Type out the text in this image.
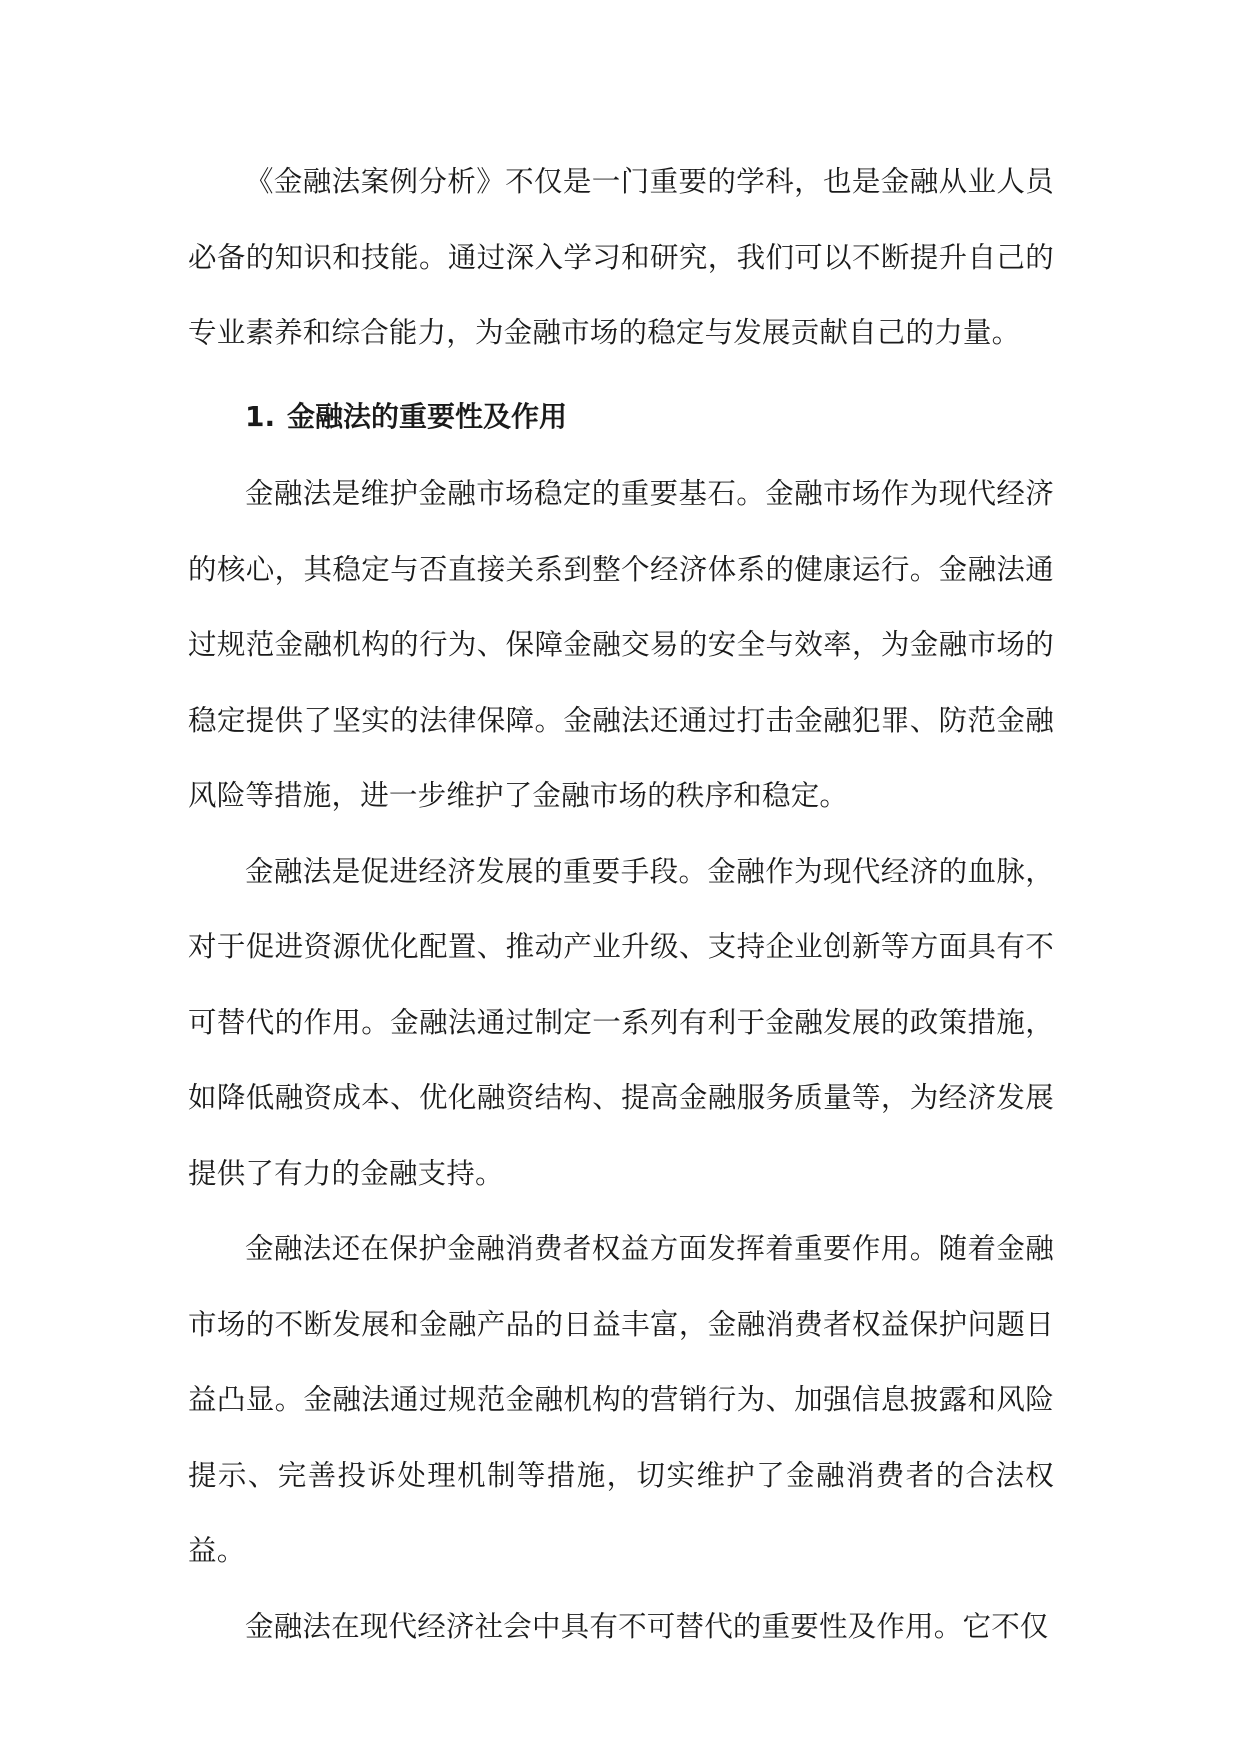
《金融法案例分析》不仅是一门重要的学科，也是金融从业人员必备的知识和技能。通过深入学习和研究，我们可以不断提升自己的专业素养和综合能力，为金融市场的稳定与发展贡献自己的力量。

1. 金融法的重要性及作用

金融法是维护金融市场稳定的重要基石。金融市场作为现代经济的核心，其稳定与否直接关系到整个经济体系的健康运行。金融法通过规范金融机构的行为、保障金融交易的安全与效率，为金融市场的稳定提供了坚实的法律保障。金融法还通过打击金融犯罪、防范金融风险等措施，进一步维护了金融市场的秩序和稳定。

金融法是促进经济发展的重要手段。金融作为现代经济的血脉，对于促进资源优化配置、推动产业升级、支持企业创新等方面具有不可替代的作用。金融法通过制定一系列有利于金融发展的政策措施，如降低融资成本、优化融资结构、提高金融服务质量等，为经济发展提供了有力的金融支持。

金融法还在保护金融消费者权益方面发挥着重要作用。随着金融市场的不断发展和金融产品的日益丰富，金融消费者权益保护问题日益凸显。金融法通过规范金融机构的营销行为、加强信息披露和风险提示、完善投诉处理机制等措施，切实维护了金融消费者的合法权益。

金融法在现代经济社会中具有不可替代的重要性及作用。它不仅
